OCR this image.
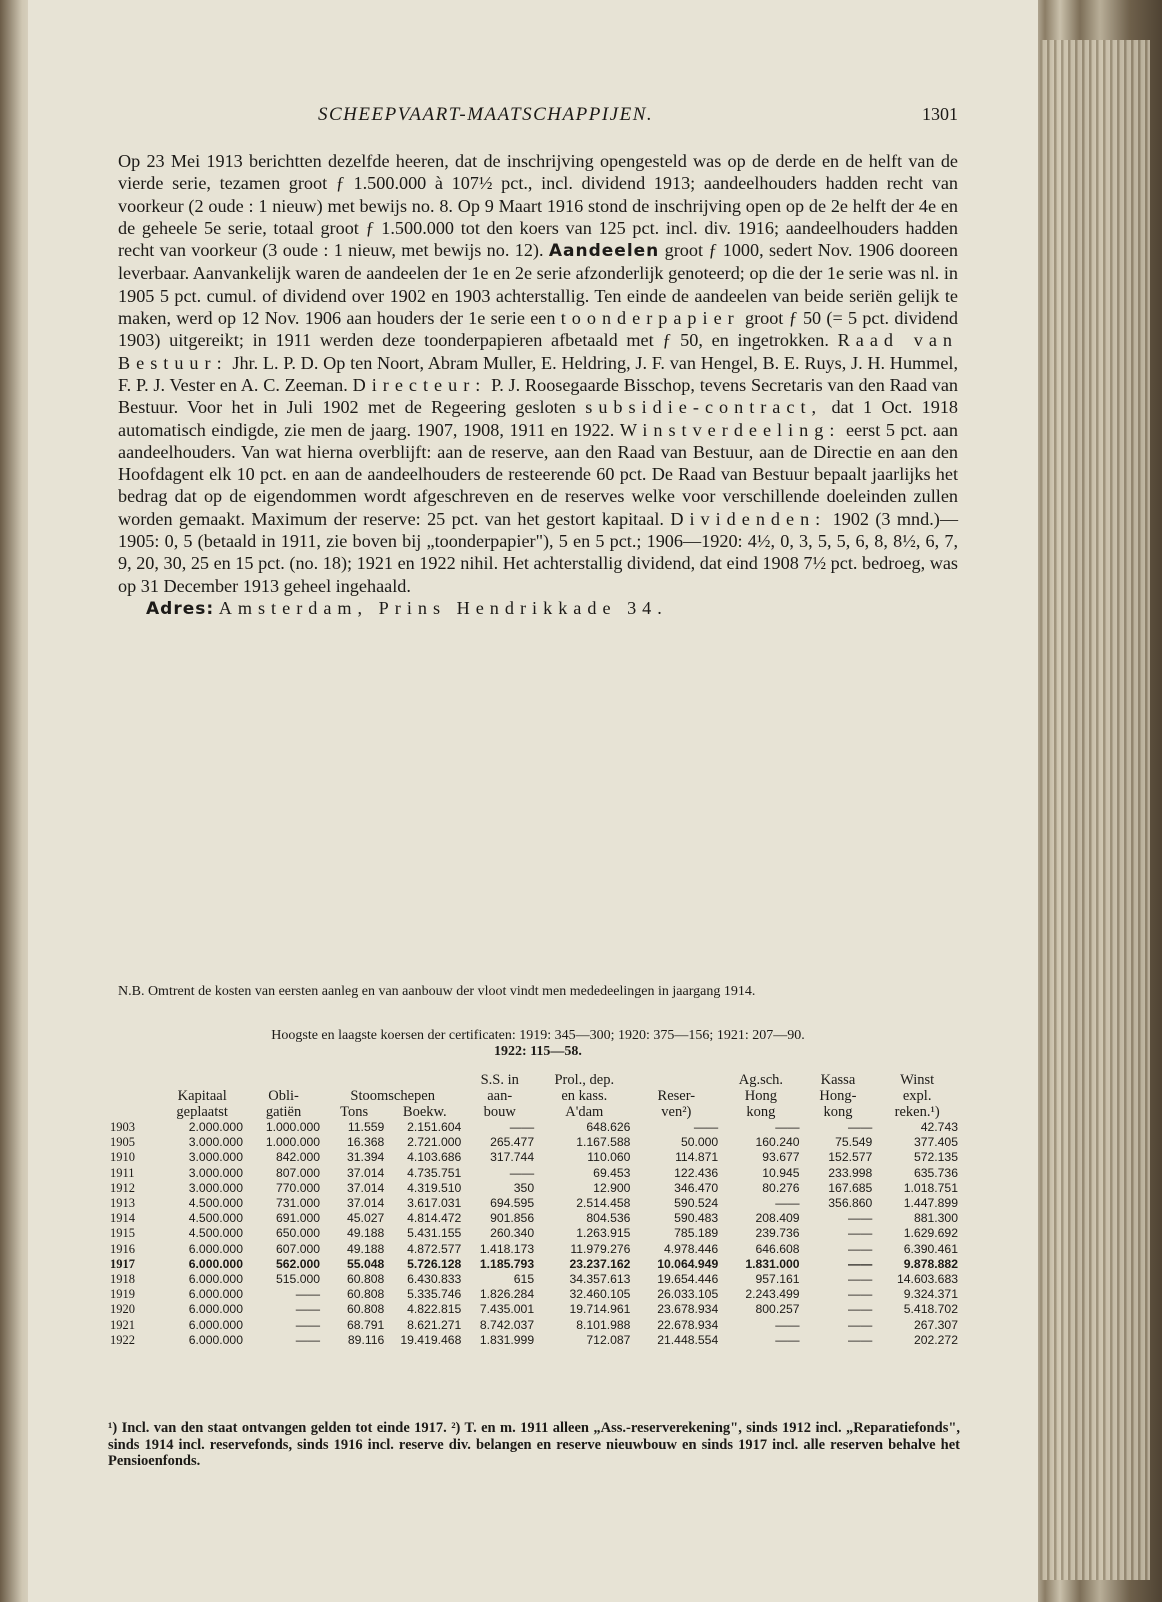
SCHEEPVAART-MAATSCHAPPIJEN.	1301

Op 23 Mei 1913 berichtten dezelfde heeren, dat de inschrijving opengesteld was op de derde en de helft van de vierde serie, tezamen groot ƒ 1.500.000 à 107½ pct., incl. dividend 1913; aandeelhouders hadden recht van voorkeur (2 oude : 1 nieuw) met bewijs no. 8. Op 9 Maart 1916 stond de inschrijving open op de 2e helft der 4e en de geheele 5e serie, totaal groot ƒ 1.500.000 tot den koers van 125 pct. incl. div. 1916; aandeelhouders hadden recht van voorkeur (3 oude : 1 nieuw, met bewijs no. 12). Aandeelen groot ƒ 1000, sedert Nov. 1906 dooreen leverbaar. Aanvankelijk waren de aandeelen der 1e en 2e serie afzonderlijk genoteerd; op die der 1e serie was nl. in 1905 5 pct. cumul. of dividend over 1902 en 1903 achterstallig. Ten einde de aandeelen van beide seriën gelijk te maken, werd op 12 Nov. 1906 aan houders der 1e serie een toonderpapier groot ƒ 50 (= 5 pct. dividend 1903) uitgereikt; in 1911 werden deze toonderpapieren afbetaald met ƒ 50, en ingetrokken. Raad van Bestuur: Jhr. L. P. D. Op ten Noort, Abram Muller, E. Heldring, J. F. van Hengel, B. E. Ruys, J. H. Hummel, F. P. J. Vester en A. C. Zeeman. Directeur: P. J. Roosegaarde Bisschop, tevens Secretaris van den Raad van Bestuur. Voor het in Juli 1902 met de Regeering gesloten subsidie-contract, dat 1 Oct. 1918 automatisch eindigde, zie men de jaarg. 1907, 1908, 1911 en 1922. Winstverdeeling: eerst 5 pct. aan aandeelhouders. Van wat hierna overblijft: aan de reserve, aan den Raad van Bestuur, aan de Directie en aan den Hoofdagent elk 10 pct. en aan de aandeelhouders de resteerende 60 pct. De Raad van Bestuur bepaalt jaarlijks het bedrag dat op de eigendommen wordt afgeschreven en de reserves welke voor verschillende doeleinden zullen worden gemaakt. Maximum der reserve: 25 pct. van het gestort kapitaal. Dividenden: 1902 (3 mnd.)—1905: 0, 5 (betaald in 1911, zie boven bij „toonderpapier"), 5 en 5 pct.; 1906—1920: 4½, 0, 3, 5, 5, 6, 8, 8½, 6, 7, 9, 20, 30, 25 en 15 pct. (no. 18); 1921 en 1922 nihil. Het achterstallig dividend, dat eind 1908 7½ pct. bedroeg, was op 31 December 1913 geheel ingehaald.

Adres: Amsterdam, Prins Hendrikkade 34.

N.B. Omtrent de kosten van eersten aanleg en van aanbouw der vloot vindt men mededeelingen in jaargang 1914.
Hoogste en laagste koersen der certificaten: 1919: 345—300; 1920: 375—156; 1921: 207—90.
1922: 115—58.
					S.S. in	Prol., dep.		Ag.sch.	Kassa	Winst
	Kapitaal	Obli-	Stoomschepen		aan-	en kass.	Reser-	Hong	Hong-	expl.
	geplaatst	gatiën	Tons	Boekw.	bouw	A'dam	ven²)	kong	kong	reken.¹)
1903	2.000.000	1.000.000	11.559	2.151.604	——	648.626	——	——	——	42.743
1905	3.000.000	1.000.000	16.368	2.721.000	265.477	1.167.588	50.000	160.240	75.549	377.405
1910	3.000.000	842.000	31.394	4.103.686	317.744	110.060	114.871	93.677	152.577	572.135
1911	3.000.000	807.000	37.014	4.735.751	——	69.453	122.436	10.945	233.998	635.736
1912	3.000.000	770.000	37.014	4.319.510	350	12.900	346.470	80.276	167.685	1.018.751
1913	4.500.000	731.000	37.014	3.617.031	694.595	2.514.458	590.524	——	356.860	1.447.899
1914	4.500.000	691.000	45.027	4.814.472	901.856	804.536	590.483	208.409	——	881.300
1915	4.500.000	650.000	49.188	5.431.155	260.340	1.263.915	785.189	239.736	——	1.629.692
1916	6.000.000	607.000	49.188	4.872.577	1.418.173	11.979.276	4.978.446	646.608	——	6.390.461
1917	6.000.000	562.000	55.048	5.726.128	1.185.793	23.237.162	10.064.949	1.831.000	——	9.878.882
1918	6.000.000	515.000	60.808	6.430.833	615	34.357.613	19.654.446	957.161	——	14.603.683
1919	6.000.000	——	60.808	5.335.746	1.826.284	32.460.105	26.033.105	2.243.499	——	9.324.371
1920	6.000.000	——	60.808	4.822.815	7.435.001	19.714.961	23.678.934	800.257	——	5.418.702
1921	6.000.000	——	68.791	8.621.271	8.742.037	8.101.988	22.678.934	——	——	267.307
1922	6.000.000	——	89.116	19.419.468	1.831.999	712.087	21.448.554	——	——	202.272

¹) Incl. van den staat ontvangen gelden tot einde 1917. ²) T. en m. 1911 alleen „Ass.-reserverekening", sinds 1912 incl. „Reparatiefonds", sinds 1914 incl. reservefonds, sinds 1916 incl. reserve div. belangen en reserve nieuwbouw en sinds 1917 incl. alle reserven behalve het Pensioenfonds.
